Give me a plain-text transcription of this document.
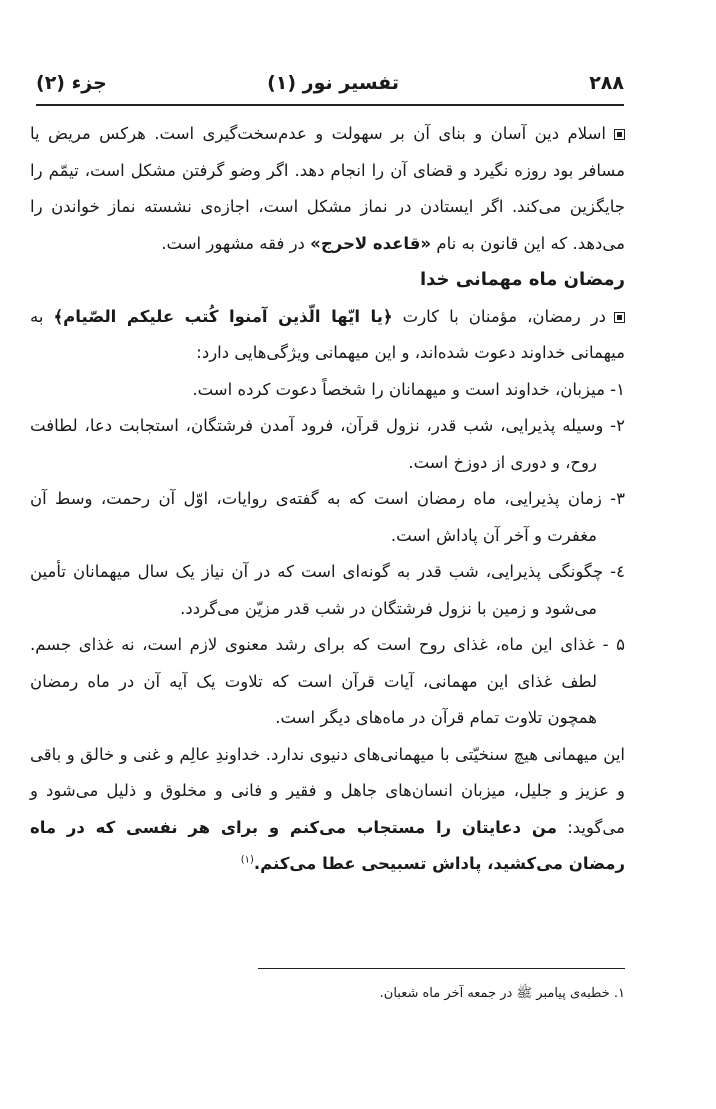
۲۸۸
تفسیر نور (۱)
جزء (۲)

اسلام دین آسان و بنای آن بر سهولت و عدم‌سخت‌گیری است. هرکس مریض یا مسافر بود روزه نگیرد و قضای آن را انجام دهد. اگر وضو گرفتن مشکل است، تیمّم را جایگزین می‌کند. اگر ایستادن در نماز مشکل است، اجازه‌ی نشسته نماز خواندن را می‌دهد. که این قانون به نام «قاعده لاحرج» در فقه مشهور است.

رمضان ماه مهمانی خدا

در رمضان، مؤمنان با کارت ﴿یا ایّها الّذین آمنوا کُتب علیکم الصّیام﴾ به میهمانی خداوند دعوت شده‌اند، و این میهمانی ویژگی‌هایی دارد:

۱- میزبان، خداوند است و میهمانان را شخصاً دعوت کرده است.

۲- وسیله پذیرایی، شب قدر، نزول قرآن، فرود آمدن فرشتگان، استجابت دعا، لطافت روح، و دوری از دوزخ است.

۳- زمان پذیرایی، ماه رمضان است که به گفته‌ی روایات، اوّل آن رحمت، وسط آن مغفرت و آخر آن پاداش است.

٤- چگونگی پذیرایی، شب قدر به گونه‌ای است که در آن نیاز یک سال میهمانان تأمین می‌شود و زمین با نزول فرشتگان در شب قدر مزیّن می‌گردد.

۵ - غذای این ماه، غذای روح است که برای رشد معنوی لازم است، نه غذای جسم. لطف غذای این مهمانی، آیات قرآن است که تلاوت یک آیه آن در ماه رمضان همچون تلاوت تمام قرآن در ماه‌های دیگر است.

این میهمانی هیچ سنخیّتی با میهمانی‌های دنیوی ندارد. خداوندِ عالِم و غنی و خالق و باقی و عزیز و جلیل، میزبان انسان‌های جاهل و فقیر و فانی و مخلوق و ذلیل می‌شود و می‌گوید: من دعایتان را مستجاب می‌کنم و برای هر نفسی که در ماه رمضان می‌کشید، پاداش تسبیحی عطا می‌کنم.$^{(۱)}$

۱. خطبه‌ی پیامبر ﷺ در جمعه آخر ماه شعبان.
